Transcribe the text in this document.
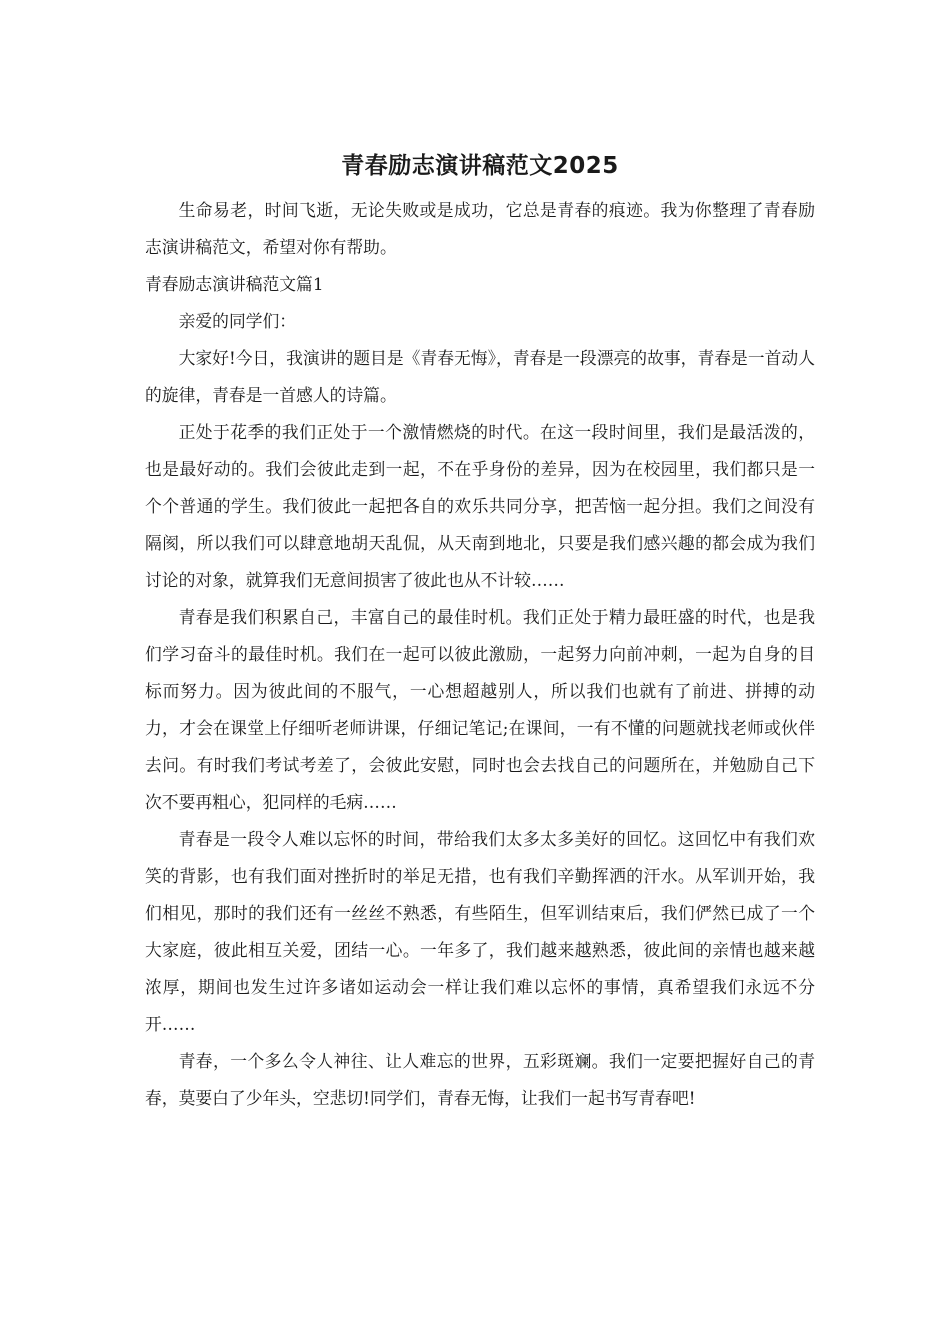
青春励志演讲稿范文2025

生命易老，时间飞逝，无论失败或是成功，它总是青春的痕迹。我为你整理了青春励志演讲稿范文，希望对你有帮助。

青春励志演讲稿范文篇1

亲爱的同学们：

大家好!今日，我演讲的题目是《青春无悔》，青春是一段漂亮的故事，青春是一首动人的旋律，青春是一首感人的诗篇。

正处于花季的我们正处于一个激情燃烧的时代。在这一段时间里，我们是最活泼的，也是最好动的。我们会彼此走到一起，不在乎身份的差异，因为在校园里，我们都只是一个个普通的学生。我们彼此一起把各自的欢乐共同分享，把苦恼一起分担。我们之间没有隔阂，所以我们可以肆意地胡天乱侃，从天南到地北，只要是我们感兴趣的都会成为我们讨论的对象，就算我们无意间损害了彼此也从不计较……

青春是我们积累自己，丰富自己的最佳时机。我们正处于精力最旺盛的时代，也是我们学习奋斗的最佳时机。我们在一起可以彼此激励，一起努力向前冲刺，一起为自身的目标而努力。因为彼此间的不服气，一心想超越别人，所以我们也就有了前进、拼搏的动力，才会在课堂上仔细听老师讲课，仔细记笔记;在课间，一有不懂的问题就找老师或伙伴去问。有时我们考试考差了，会彼此安慰，同时也会去找自己的问题所在，并勉励自己下次不要再粗心，犯同样的毛病……

青春是一段令人难以忘怀的时间，带给我们太多太多美好的回忆。这回忆中有我们欢笑的背影，也有我们面对挫折时的举足无措，也有我们辛勤挥洒的汗水。从军训开始，我们相见，那时的我们还有一丝丝不熟悉，有些陌生，但军训结束后，我们俨然已成了一个大家庭，彼此相互关爱，团结一心。一年多了，我们越来越熟悉，彼此间的亲情也越来越浓厚，期间也发生过许多诸如运动会一样让我们难以忘怀的事情，真希望我们永远不分开……

青春，一个多么令人神往、让人难忘的世界，五彩斑斓。我们一定要把握好自己的青春，莫要白了少年头，空悲切!同学们，青春无悔，让我们一起书写青春吧!
